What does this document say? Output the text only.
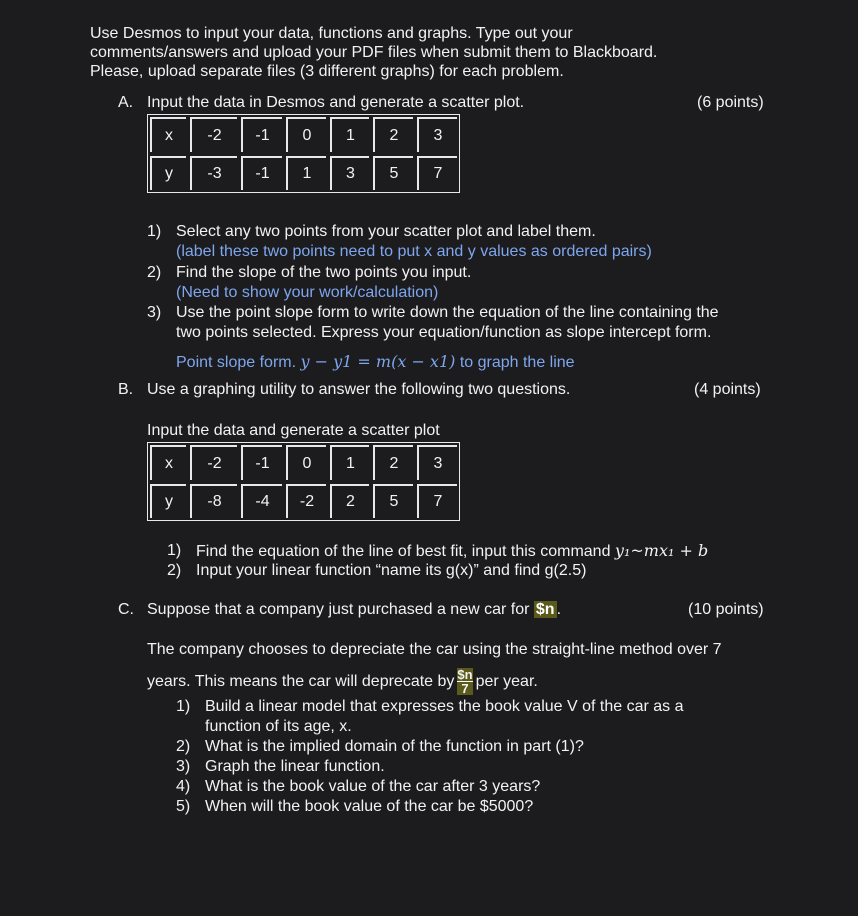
Use Desmos to input your data, functions and graphs. Type out your
comments/answers and upload your PDF files when submit them to Blackboard.
Please, upload separate files (3 different graphs) for each problem.
A. Input the data in Desmos and generate a scatter plot.	(6 points)
x	-2	-1	0	1	2	3
y	-3	-1	1	3	5	7
1) Select any two points from your scatter plot and label them.
(label these two points need to put x and y values as ordered pairs)
2) Find the slope of the two points you input.
(Need to show your work/calculation)
3) Use the point slope form to write down the equation of the line containing the
two points selected. Express your equation/function as slope intercept form.
Point slope form. y − y1 = m(x − x1) to graph the line
B. Use a graphing utility to answer the following two questions.	(4 points)
Input the data and generate a scatter plot
x	-2	-1	0	1	2	3
y	-8	-4	-2	2	5	7
1) Find the equation of the line of best fit, input this command y₁~mx₁ + b
2) Input your linear function “name its g(x)” and find g(2.5)
C. Suppose that a company just purchased a new car for $n .	(10 points)
The company chooses to depreciate the car using the straight-line method over 7
years. This means the car will deprecate by $\frac{\$n}{7}$ per year.
1) Build a linear model that expresses the book value V of the car as a
function of its age, x.
2) What is the implied domain of the function in part (1)?
3) Graph the linear function.
4) What is the book value of the car after 3 years?
5) When will the book value of the car be $5000?
